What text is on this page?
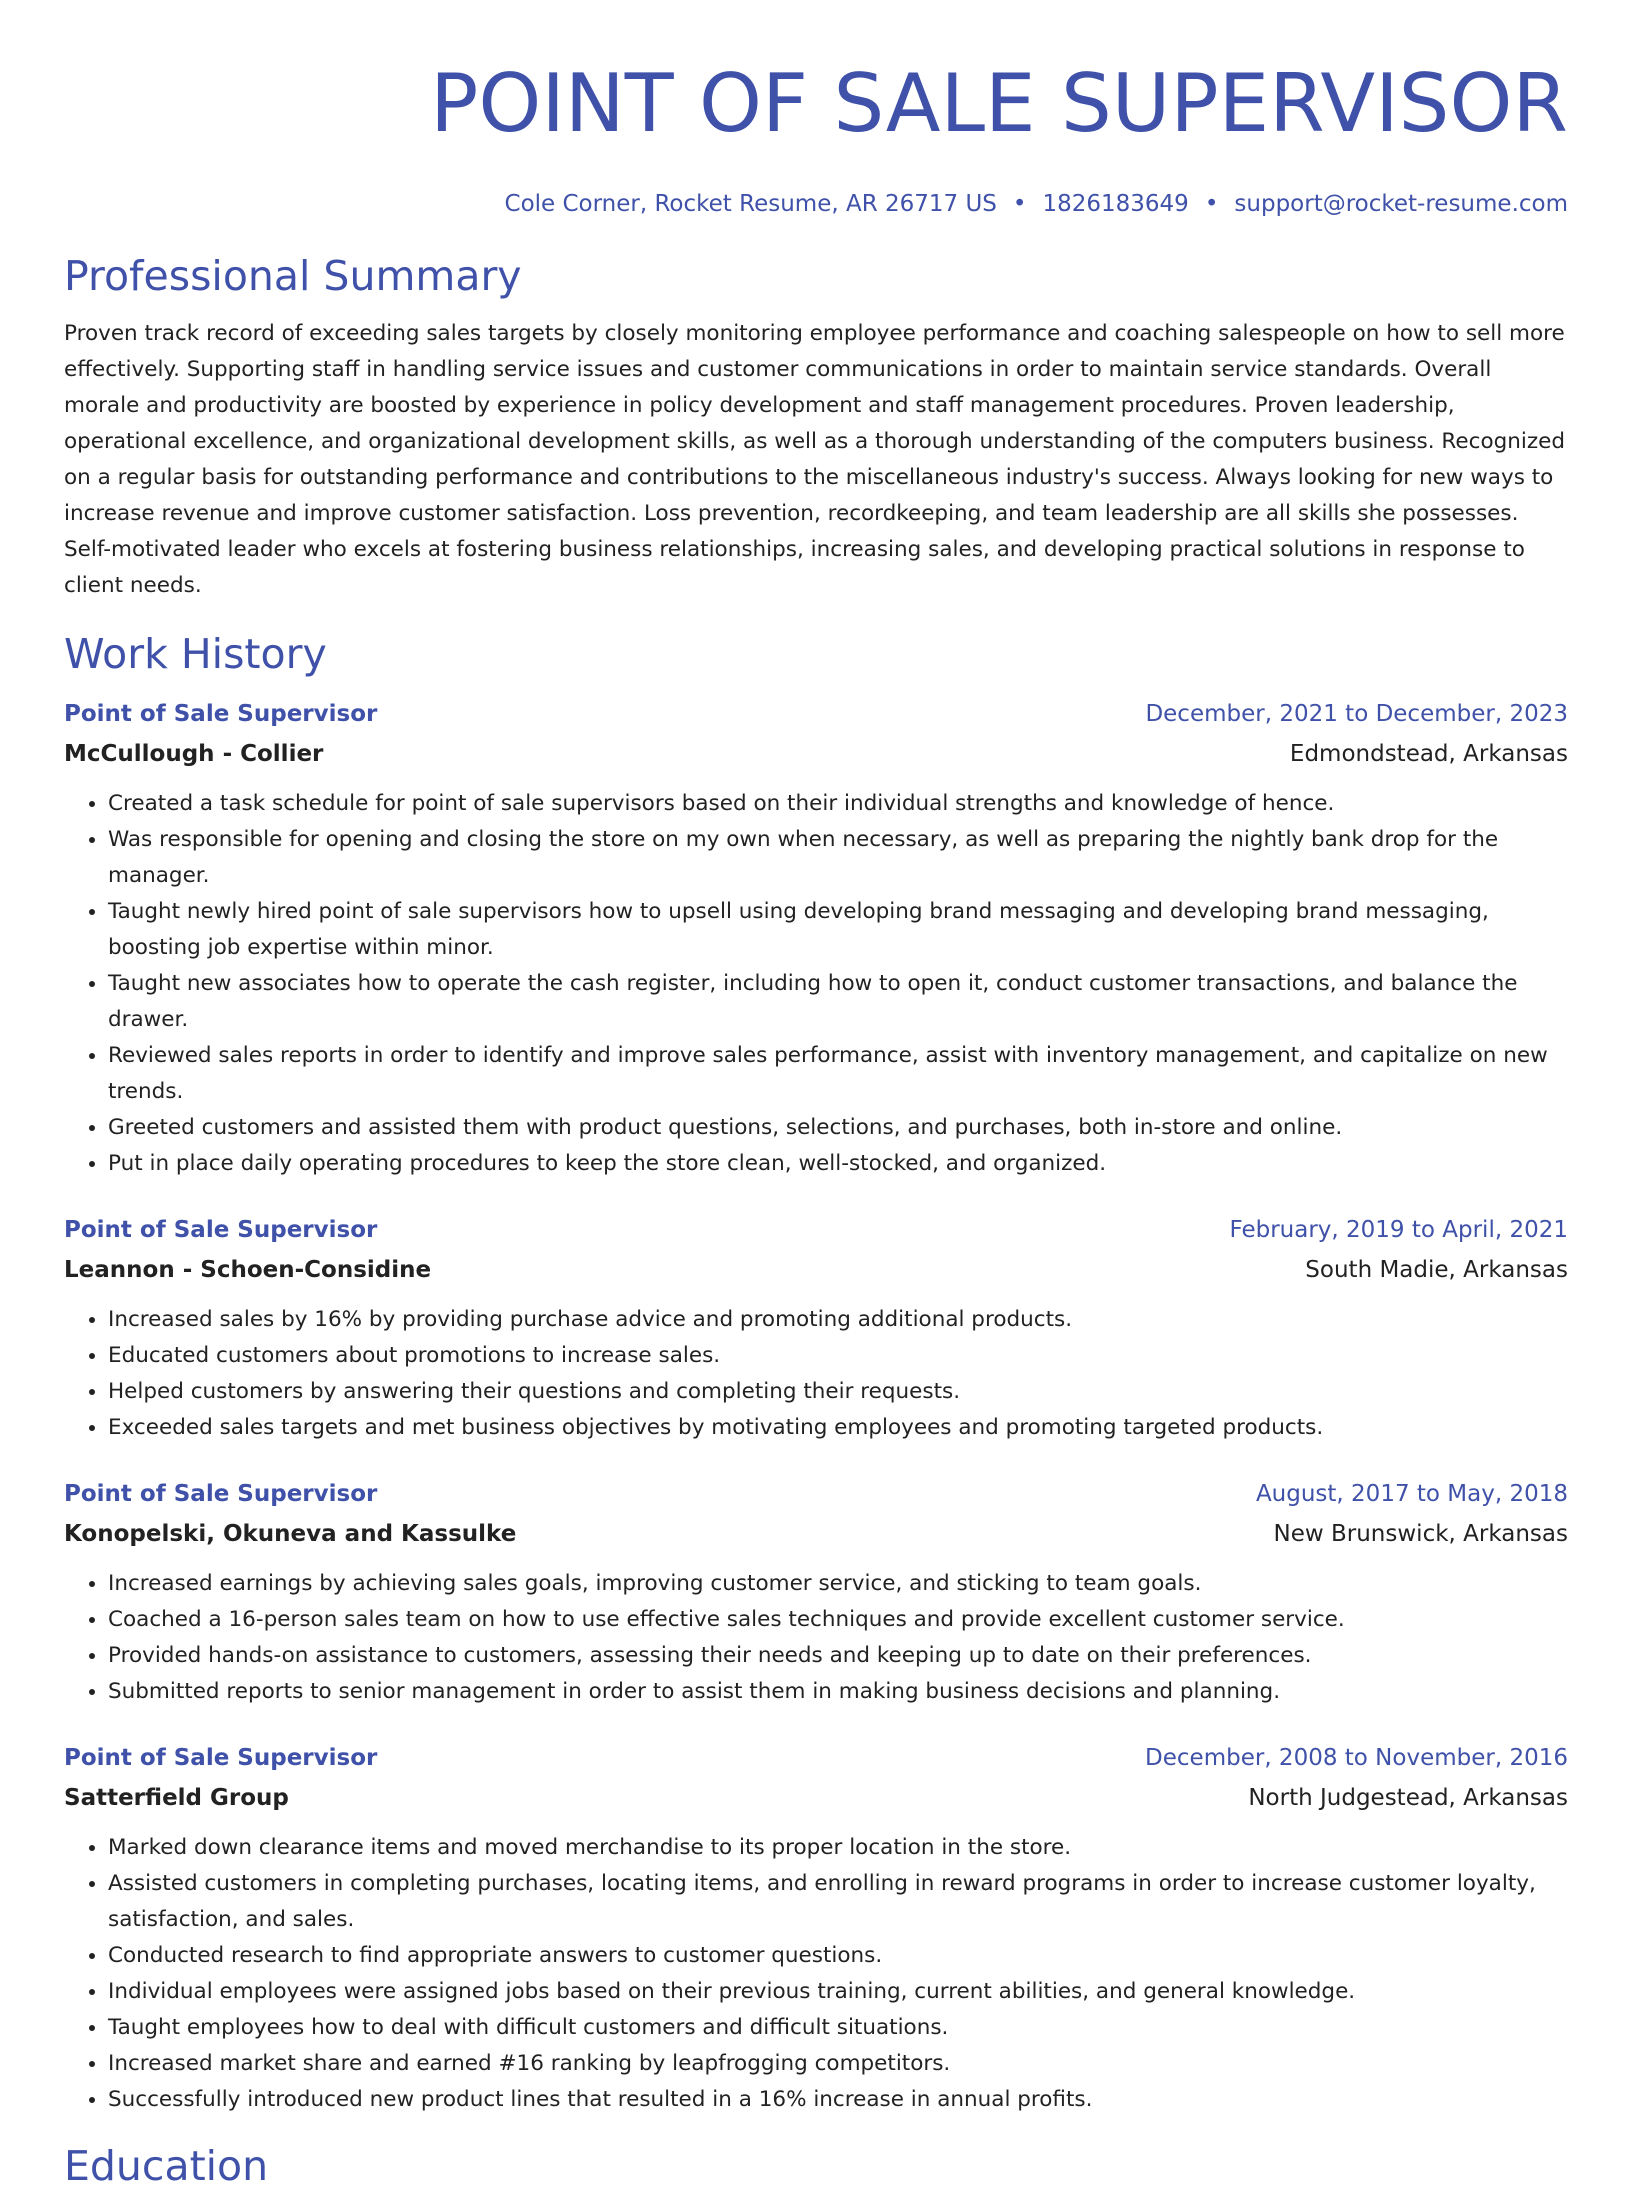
POINT OF SALE SUPERVISOR
Cole Corner, Rocket Resume, AR 26717 US • 1826183649 • support@rocket-resume.com
Professional Summary
Proven track record of exceeding sales targets by closely monitoring employee performance and coaching salespeople on how to sell more effectively. Supporting staff in handling service issues and customer communications in order to maintain service standards. Overall morale and productivity are boosted by experience in policy development and staff management procedures. Proven leadership, operational excellence, and organizational development skills, as well as a thorough understanding of the computers business. Recognized on a regular basis for outstanding performance and contributions to the miscellaneous industry's success. Always looking for new ways to increase revenue and improve customer satisfaction. Loss prevention, recordkeeping, and team leadership are all skills she possesses. Self-motivated leader who excels at fostering business relationships, increasing sales, and developing practical solutions in response to client needs.
Work History
Point of Sale Supervisor	December, 2021 to December, 2023
McCullough - Collier	Edmondstead, Arkansas
• Created a task schedule for point of sale supervisors based on their individual strengths and knowledge of hence.
• Was responsible for opening and closing the store on my own when necessary, as well as preparing the nightly bank drop for the manager.
• Taught newly hired point of sale supervisors how to upsell using developing brand messaging and developing brand messaging, boosting job expertise within minor.
• Taught new associates how to operate the cash register, including how to open it, conduct customer transactions, and balance the drawer.
• Reviewed sales reports in order to identify and improve sales performance, assist with inventory management, and capitalize on new trends.
• Greeted customers and assisted them with product questions, selections, and purchases, both in-store and online.
• Put in place daily operating procedures to keep the store clean, well-stocked, and organized.
Point of Sale Supervisor	February, 2019 to April, 2021
Leannon - Schoen-Considine	South Madie, Arkansas
• Increased sales by 16% by providing purchase advice and promoting additional products.
• Educated customers about promotions to increase sales.
• Helped customers by answering their questions and completing their requests.
• Exceeded sales targets and met business objectives by motivating employees and promoting targeted products.
Point of Sale Supervisor	August, 2017 to May, 2018
Konopelski, Okuneva and Kassulke	New Brunswick, Arkansas
• Increased earnings by achieving sales goals, improving customer service, and sticking to team goals.
• Coached a 16-person sales team on how to use effective sales techniques and provide excellent customer service.
• Provided hands-on assistance to customers, assessing their needs and keeping up to date on their preferences.
• Submitted reports to senior management in order to assist them in making business decisions and planning.
Point of Sale Supervisor	December, 2008 to November, 2016
Satterfield Group	North Judgestead, Arkansas
• Marked down clearance items and moved merchandise to its proper location in the store.
• Assisted customers in completing purchases, locating items, and enrolling in reward programs in order to increase customer loyalty, satisfaction, and sales.
• Conducted research to find appropriate answers to customer questions.
• Individual employees were assigned jobs based on their previous training, current abilities, and general knowledge.
• Taught employees how to deal with difficult customers and difficult situations.
• Increased market share and earned #16 ranking by leapfrogging competitors.
• Successfully introduced new product lines that resulted in a 16% increase in annual profits.
Education
